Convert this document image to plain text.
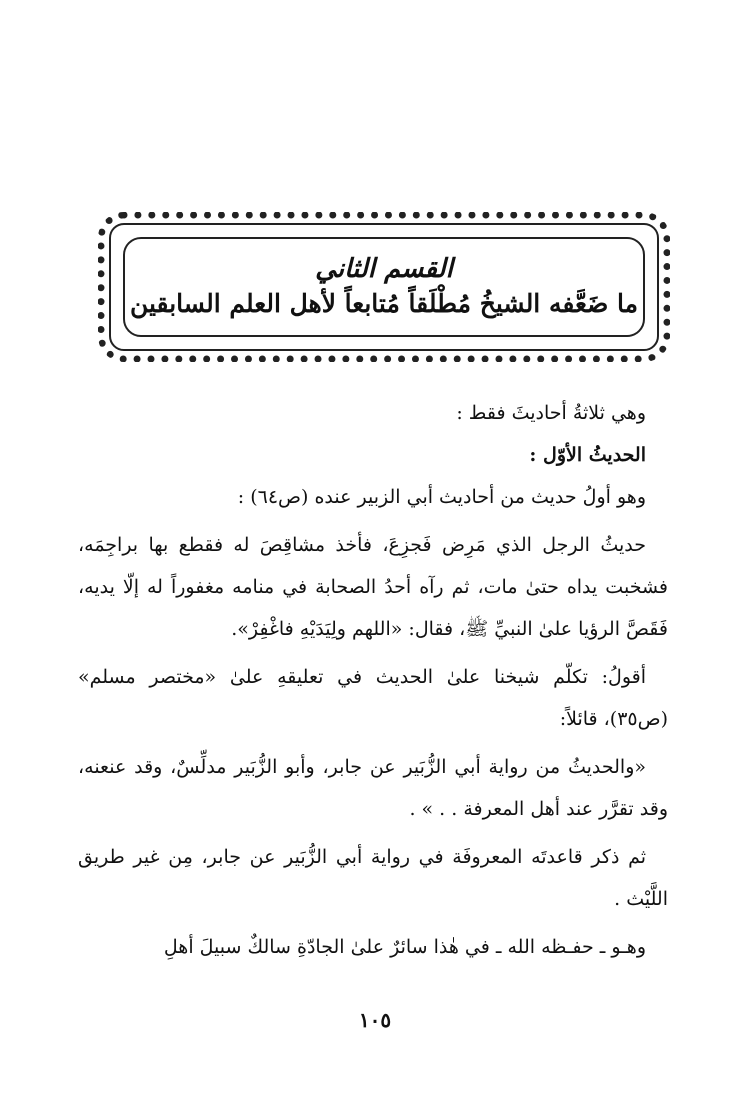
القسم الثاني
ما ضَعَّفه الشيخُ مُطْلَقاً مُتابعاً لأهل العلم السابقين

وهي ثلاثةُ أحاديثَ فقط :

الحديثُ الأوّل :

وهو أولُ حديث من أحاديث أبي الزبير عنده (ص٦٤) :

حديثُ الرجل الذي مَرِض فَجزِعَ، فأخذ مشاقِصَ له فقطع بها براجِمَه، فشخبت يداه حتىٰ مات، ثم رآه أحدُ الصحابة في منامه مغفوراً له إلّا يديه، فَقَصَّ الرؤيا علىٰ النبيِّ ﷺ، فقال: «اللهم ولِيَدَيْهِ فاغْفِرْ».

أقولُ: تكلّم شيخنا علىٰ الحديث في تعليقهِ علىٰ «مختصر مسلم» (ص٣٥)، قائلاً:

«والحديثُ من رواية أبي الزُّبَير عن جابر، وأبو الزُّبَير مدلِّسٌ، وقد عنعنه، وقد تقرَّر عند أهل المعرفة . . » .

ثم ذكر قاعدتَه المعروفَة في رواية أبي الزُّبَير عن جابر، مِن غير طريق اللَّيْث .

وهـو ـ حفـظه الله ـ في هٰذا سائرٌ علىٰ الجادّةِ سالكٌ سبيلَ أهلِ

١٠٥
